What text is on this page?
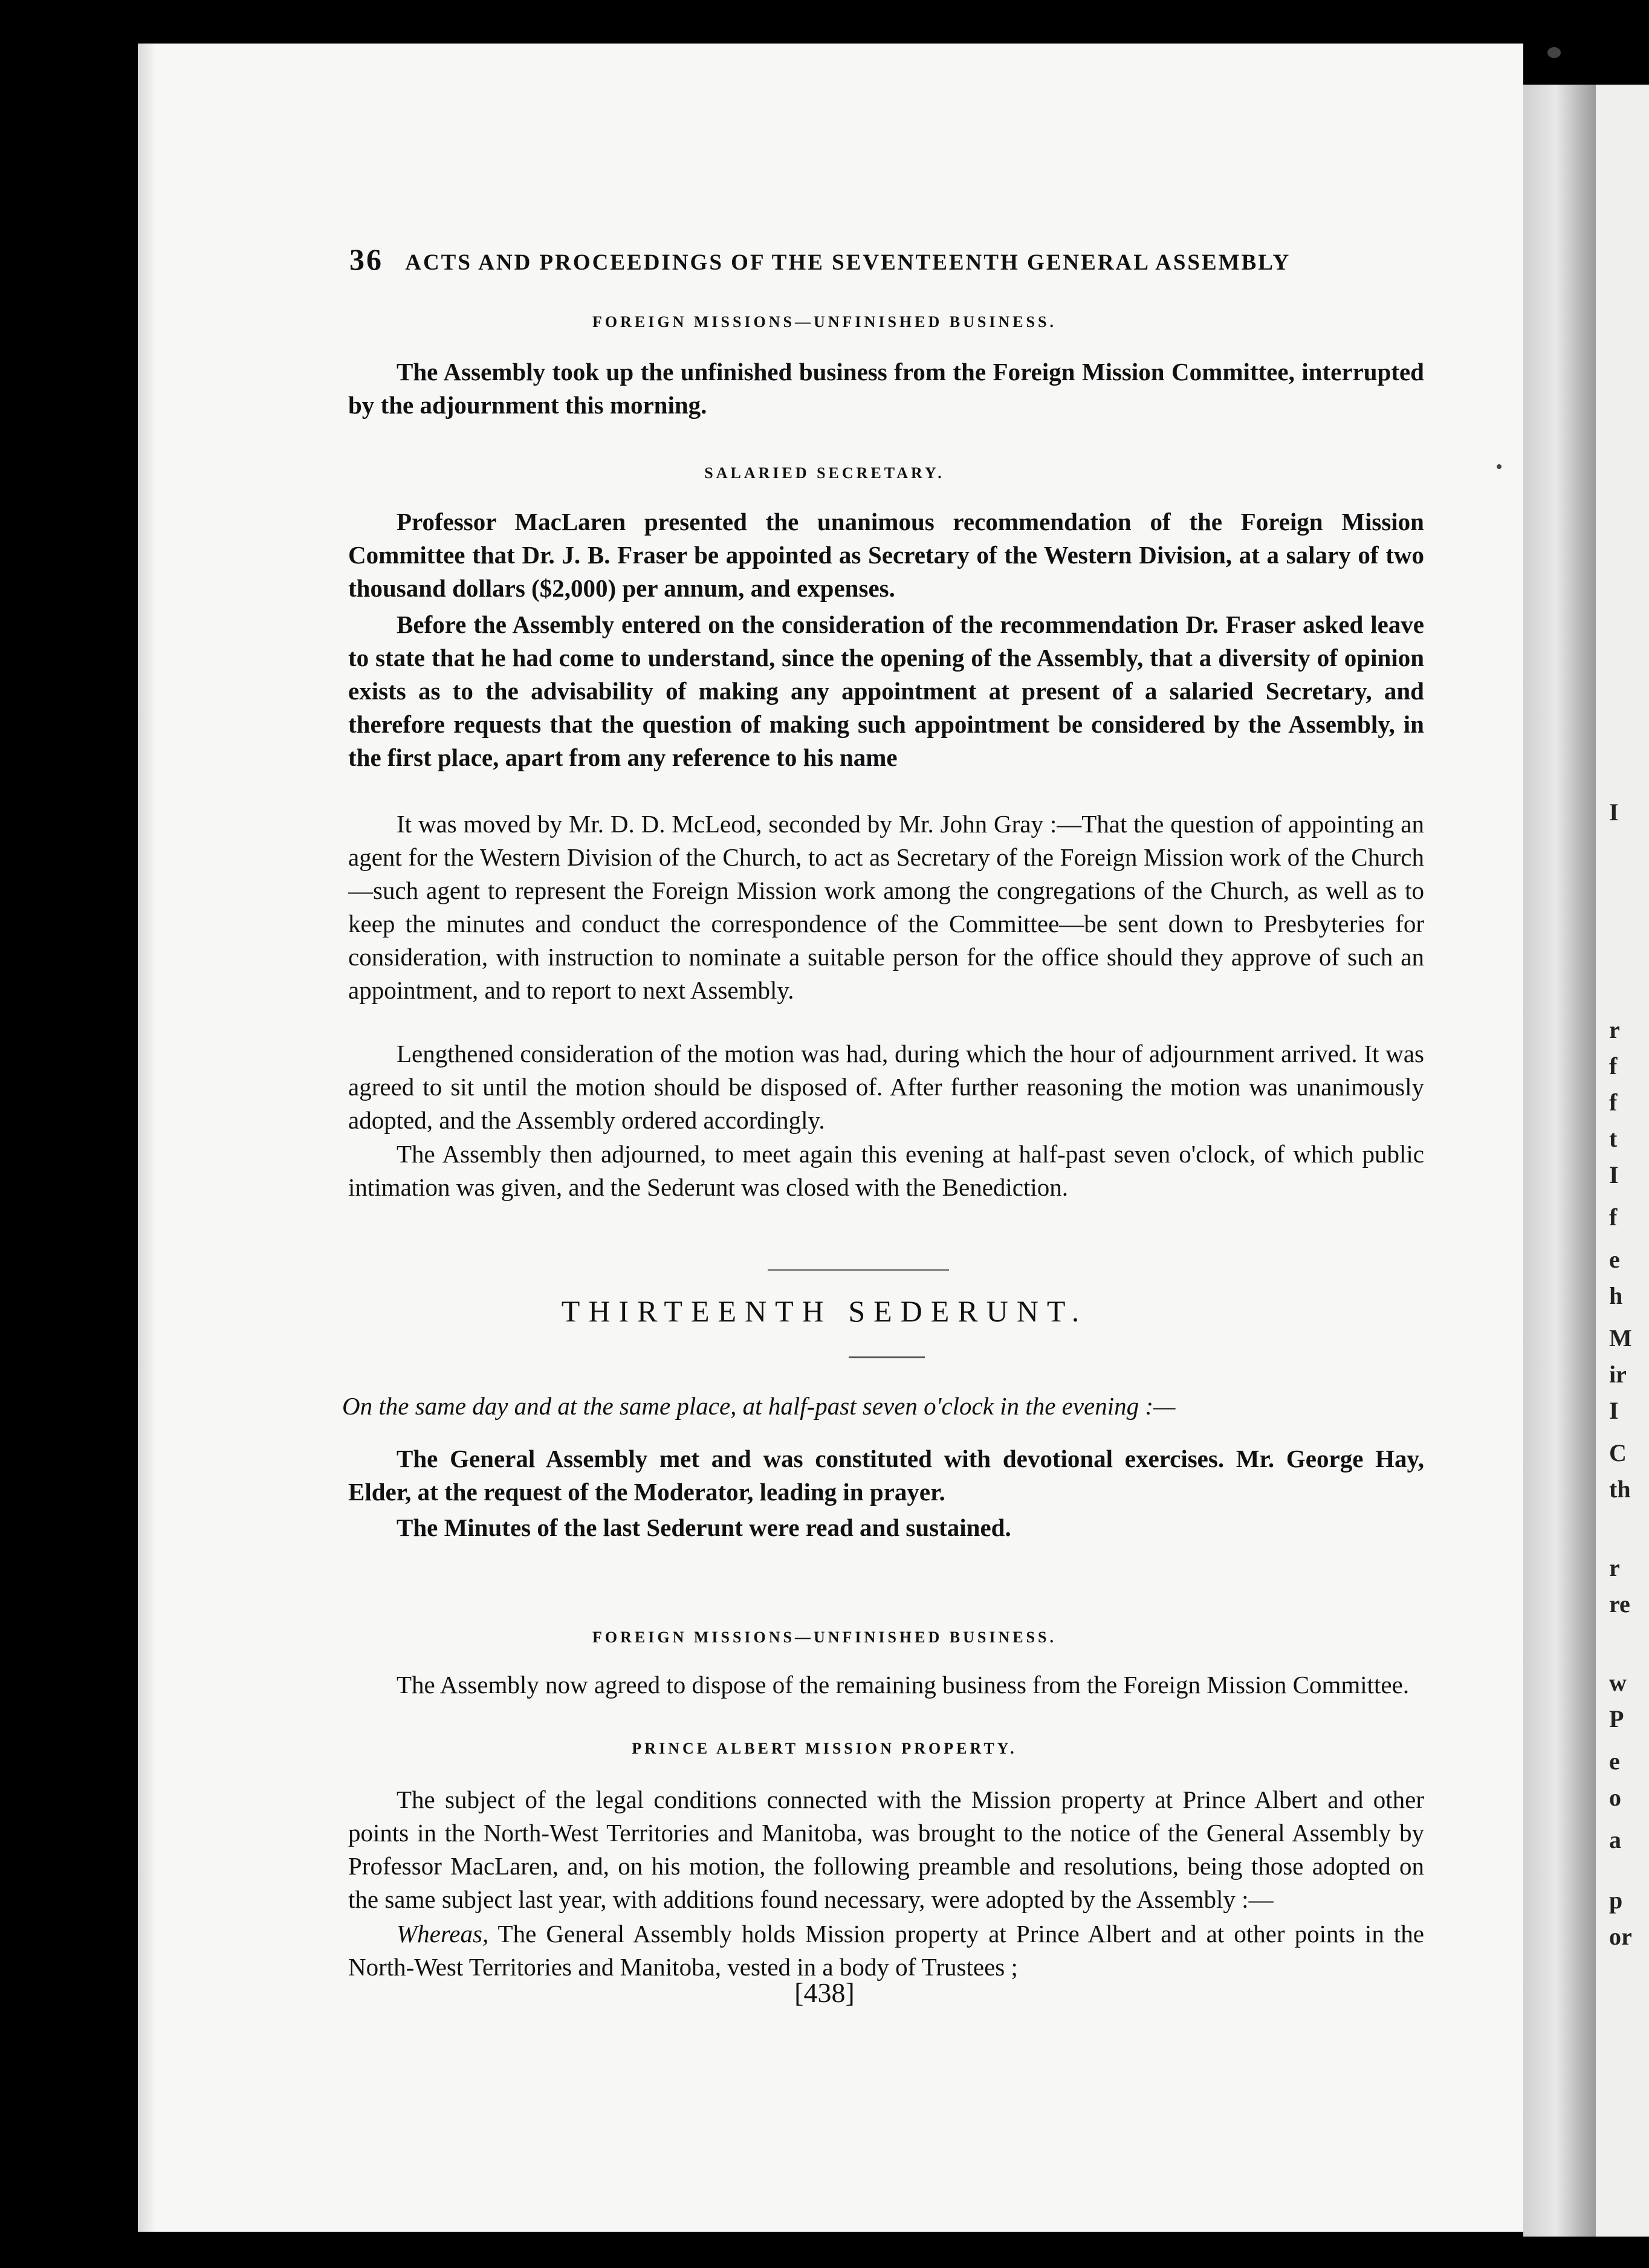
I
r
f
f
t
I
f
e
h
M
ir
I
C
th
r
re
w
P
e
o
a
p
or
36 ACTS AND PROCEEDINGS OF THE SEVENTEENTH GENERAL ASSEMBLY
FOREIGN MISSIONS—UNFINISHED BUSINESS.

The Assembly took up the unfinished business from the Foreign Mission Committee, interrupted by the adjournment this morning.

SALARIED SECRETARY.

Professor MacLaren presented the unanimous recommendation of the Foreign Mission Committee that Dr. J. B. Fraser be appointed as Secretary of the Western Division, at a salary of two thousand dollars ($2,000) per annum, and expenses.

Before the Assembly entered on the consideration of the recommendation Dr. Fraser asked leave to state that he had come to understand, since the opening of the Assembly, that a diversity of opinion exists as to the advisability of making any appointment at present of a salaried Secretary, and therefore requests that the question of making such appointment be considered by the Assembly, in the first place, apart from any reference to his name

It was moved by Mr. D. D. McLeod, seconded by Mr. John Gray :—That the question of appointing an agent for the Western Division of the Church, to act as Secretary of the Foreign Mission work of the Church—such agent to represent the Foreign Mission work among the congregations of the Church, as well as to keep the minutes and conduct the correspondence of the Committee—be sent down to Presbyteries for consideration, with instruction to nominate a suitable person for the office should they approve of such an appointment, and to report to next Assembly.

Lengthened consideration of the motion was had, during which the hour of adjournment arrived. It was agreed to sit until the motion should be disposed of. After further reasoning the motion was unanimously adopted, and the Assembly ordered accordingly.

The Assembly then adjourned, to meet again this evening at half-past seven o'clock, of which public intimation was given, and the Sederunt was closed with the Benediction.

THIRTEENTH SEDERUNT.
On the same day and at the same place, at half-past seven o'clock in the evening :—

The General Assembly met and was constituted with devotional exercises. Mr. George Hay, Elder, at the request of the Moderator, leading in prayer.

The Minutes of the last Sederunt were read and sustained.

FOREIGN MISSIONS—UNFINISHED BUSINESS.

The Assembly now agreed to dispose of the remaining business from the Foreign Mission Committee.

PRINCE ALBERT MISSION PROPERTY.

The subject of the legal conditions connected with the Mission property at Prince Albert and other points in the North-West Territories and Manitoba, was brought to the notice of the General Assembly by Professor MacLaren, and, on his motion, the following preamble and resolutions, being those adopted on the same subject last year, with additions found necessary, were adopted by the Assembly :—

Whereas, The General Assembly holds Mission property at Prince Albert and at other points in the North-West Territories and Manitoba, vested in a body of Trustees ;

[438]
